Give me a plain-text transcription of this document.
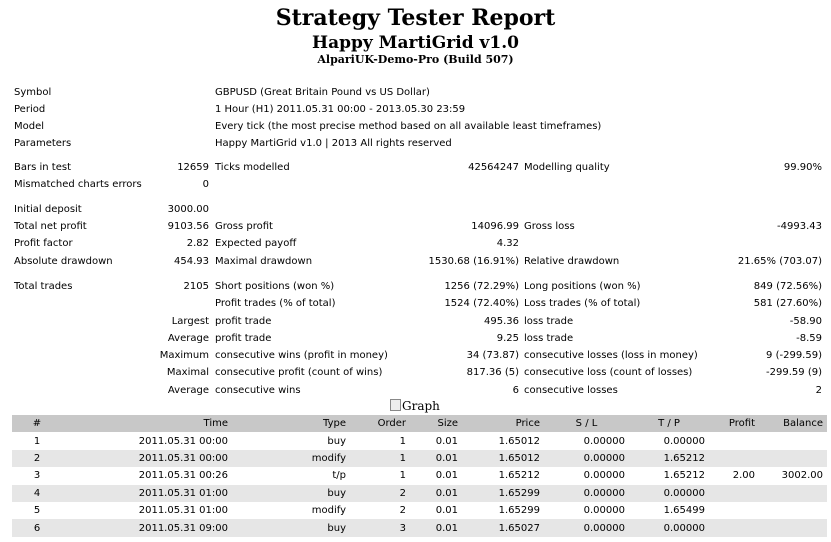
Strategy Tester Report
Happy MartiGrid v1.0
AlpariUK-Demo-Pro (Build 507)
Symbol	GBPUSD (Great Britain Pound vs US Dollar)
Period	1 Hour (H1) 2011.05.31 00:00 - 2013.05.30 23:59
Model	Every tick (the most precise method based on all available least timeframes)
Parameters	Happy MartiGrid v1.0 | 2013 All rights reserved
Bars in test	12659 Ticks modelled	42564247 Modelling quality	99.90%
Mismatched charts errors	0
Initial deposit	3000.00
Total net profit	9103.56 Gross profit	14096.99 Gross loss	-4993.43
Profit factor	2.82 Expected payoff	4.32
Absolute drawdown	454.93 Maximal drawdown	1530.68 (16.91%) Relative drawdown	21.65% (703.07)
Total trades	2105 Short positions (won %)	1256 (72.29%) Long positions (won %)	849 (72.56%)
Profit trades (% of total)	1524 (72.40%) Loss trades (% of total)	581 (27.60%)
Largest profit trade	495.36 loss trade	-58.90
Average profit trade	9.25 loss trade	-8.59
Maximum consecutive wins (profit in money)	34 (73.87) consecutive losses (loss in money)	9 (-299.59)
Maximal consecutive profit (count of wins)	817.36 (5) consecutive loss (count of losses)	-299.59 (9)
Average consecutive wins	6 consecutive losses	2
Graph
#	Time	Type	Order	Size	Price	S / L	T / P	Profit	Balance
1	2011.05.31 00:00	buy	1	0.01	1.65012	0.00000	0.00000		
2	2011.05.31 00:00	modify	1	0.01	1.65012	0.00000	1.65212		
3	2011.05.31 00:26	t/p	1	0.01	1.65212	0.00000	1.65212	2.00	3002.00
4	2011.05.31 01:00	buy	2	0.01	1.65299	0.00000	0.00000		
5	2011.05.31 01:00	modify	2	0.01	1.65299	0.00000	1.65499		
6	2011.05.31 09:00	buy	3	0.01	1.65027	0.00000	0.00000		
